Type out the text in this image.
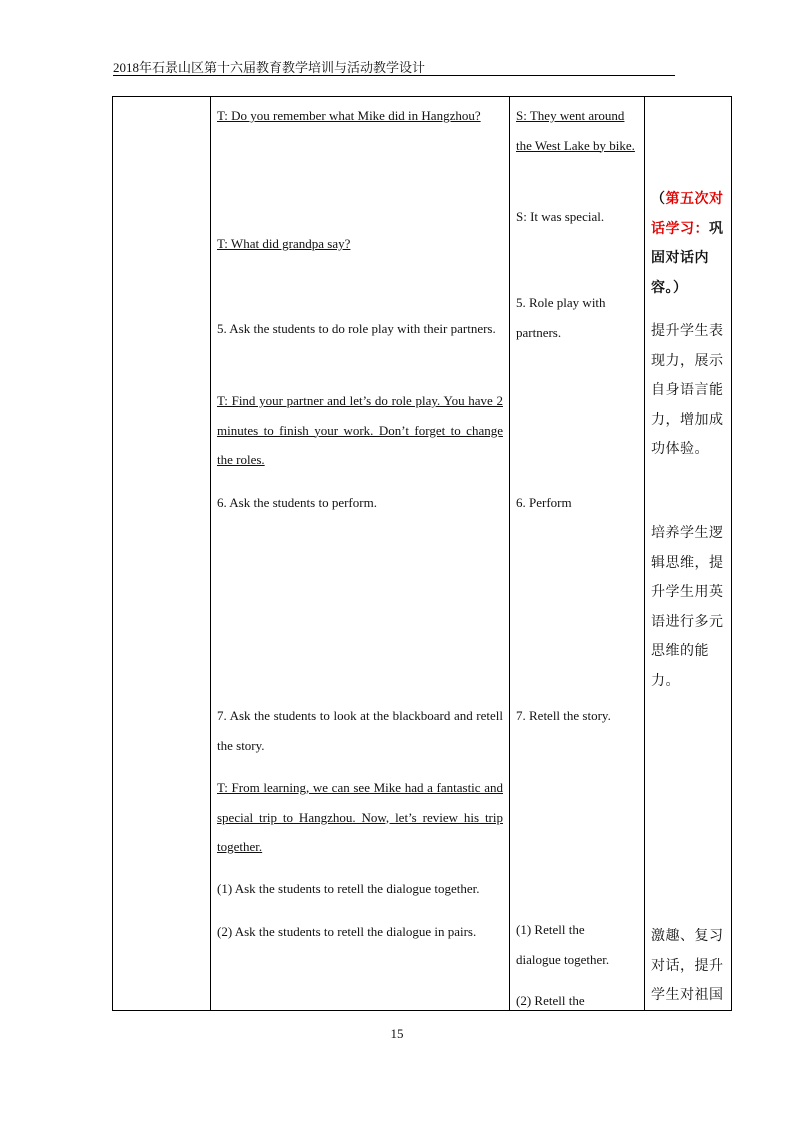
2018年石景山区第十六届教育教学培训与活动教学设计

T: Do you remember what Mike did in Hangzhou?

T: What did grandpa say?

5. Ask the students to do role play with their partners.

T: Find your partner and let’s do role play. You have 2 minutes to finish your work. Don’t forget to change the roles.

6. Ask the students to perform.

7. Ask the students to look at the blackboard and retell the story.

T: From learning, we can see Mike had a fantastic and special trip to Hangzhou. Now, let’s review his trip together.

(1) Ask the students to retell the dialogue together.

(2) Ask the students to retell the dialogue in pairs.

S: They went around the West Lake by bike.

S: It was special.

5. Role play with partners.

6. Perform

7. Retell the story.

(1) Retell the dialogue together.

(2) Retell the

（第五次对话学习：巩固对话内容。）

提升学生表现力，展示自身语言能力，增加成功体验。

培养学生逻辑思维，提升学生用英语进行多元思维的能力。

激趣、复习对话，提升学生对祖国

15
